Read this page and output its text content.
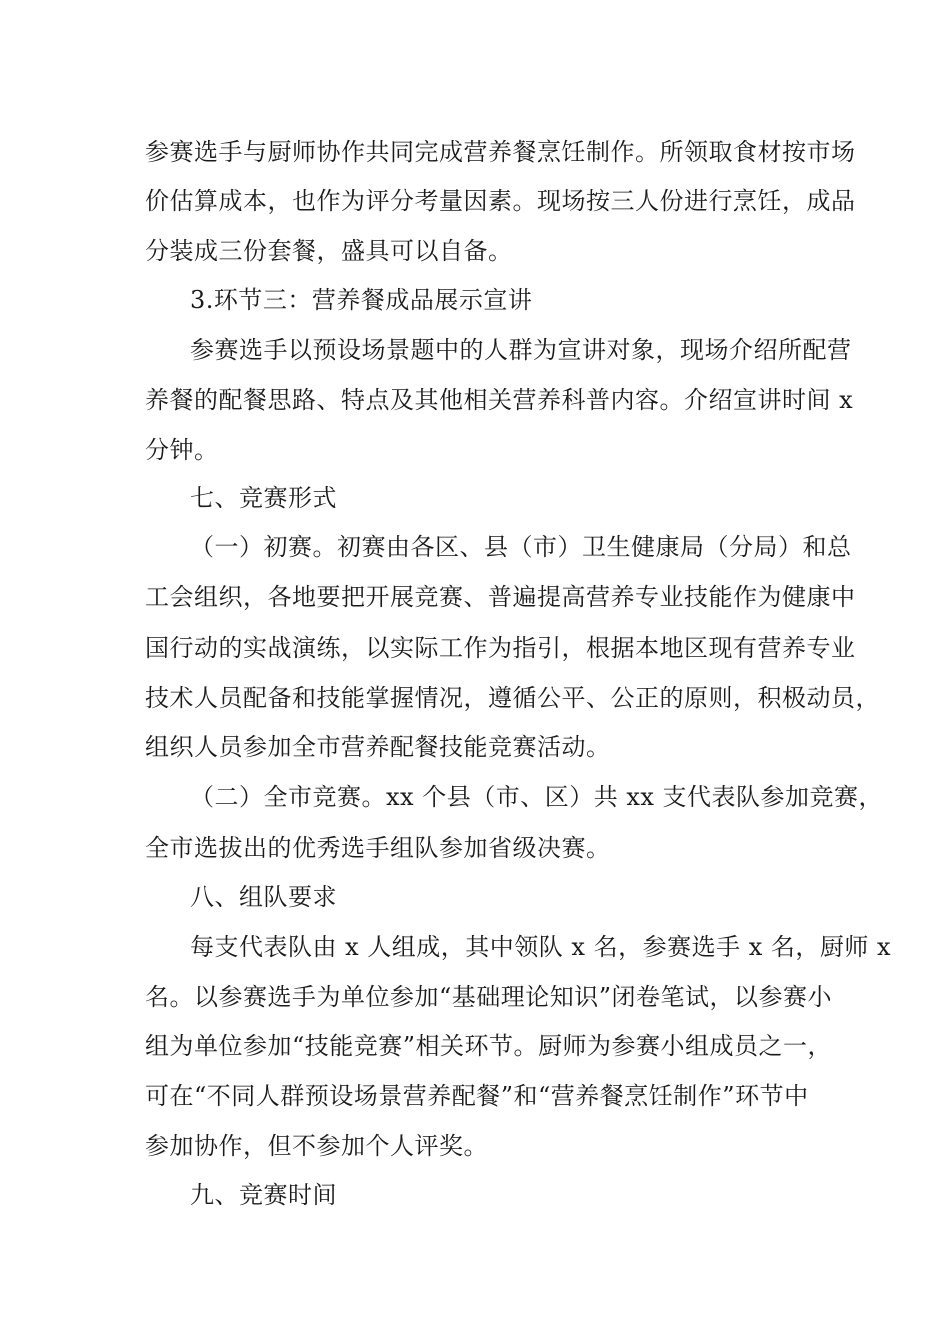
参赛选手与厨师协作共同完成营养餐烹饪制作。所领取食材按市场
价估算成本，也作为评分考量因素。现场按三人份进行烹饪，成品
分装成三份套餐，盛具可以自备。
3.环节三：营养餐成品展示宣讲
参赛选手以预设场景题中的人群为宣讲对象，现场介绍所配营
养餐的配餐思路、特点及其他相关营养科普内容。介绍宣讲时间 x
分钟。
七、竞赛形式
（一）初赛。初赛由各区、县（市）卫生健康局（分局）和总
工会组织，各地要把开展竞赛、普遍提高营养专业技能作为健康中
国行动的实战演练，以实际工作为指引，根据本地区现有营养专业
技术人员配备和技能掌握情况，遵循公平、公正的原则，积极动员，
组织人员参加全市营养配餐技能竞赛活动。
（二）全市竞赛。xx 个县（市、区）共 xx 支代表队参加竞赛，
全市选拔出的优秀选手组队参加省级决赛。
八、组队要求
每支代表队由 x 人组成，其中领队 x 名，参赛选手 x 名，厨师 x
名。以参赛选手为单位参加“基础理论知识”闭卷笔试，以参赛小
组为单位参加“技能竞赛”相关环节。厨师为参赛小组成员之一，
可在“不同人群预设场景营养配餐”和“营养餐烹饪制作”环节中
参加协作，但不参加个人评奖。
九、竞赛时间
